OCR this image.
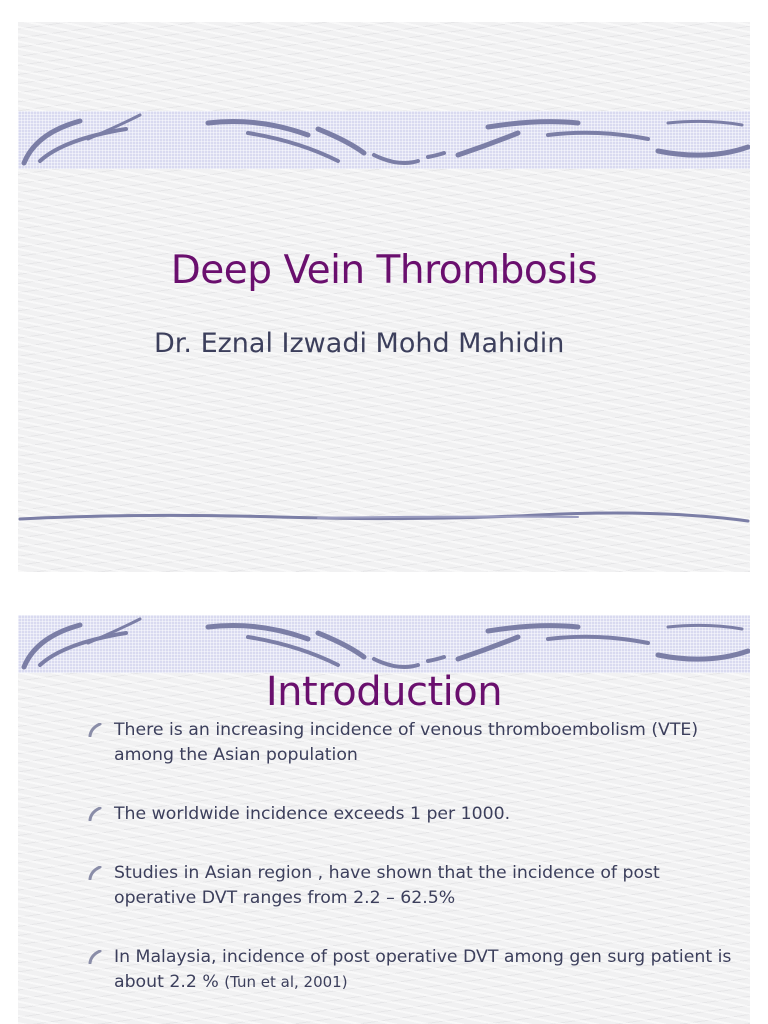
Deep Vein Thrombosis

Dr. Eznal Izwadi Mohd Mahidin

Introduction
There is an increasing incidence of venous thromboembolism (VTE) among the Asian population
The worldwide incidence exceeds 1 per 1000.
Studies in Asian region , have shown that the incidence of post operative DVT ranges from 2.2 – 62.5%
In Malaysia, incidence of post operative DVT among gen surg patient is about 2.2 % (Tun et al, 2001)
